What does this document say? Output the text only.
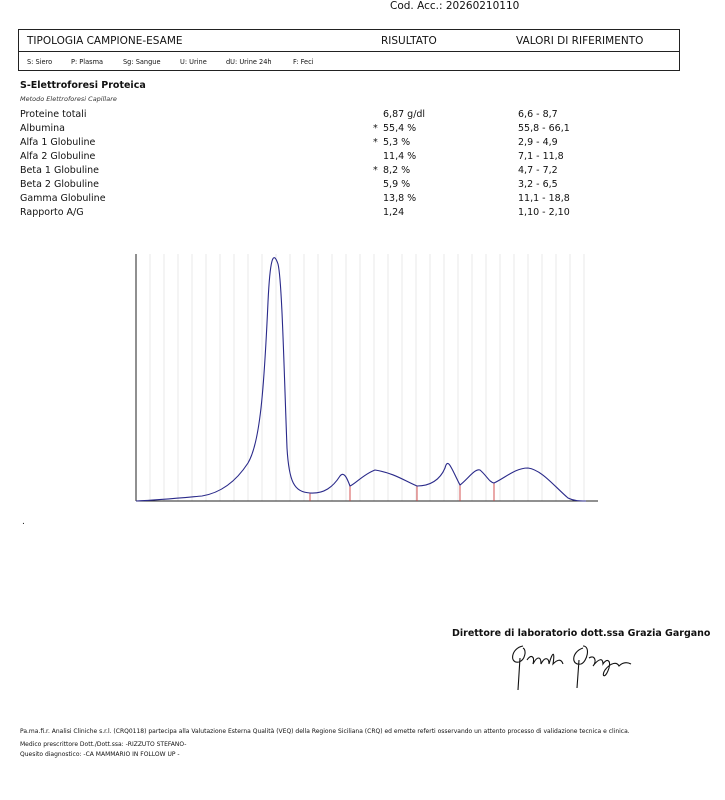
Cod. Acc.: 20260210110
TIPOLOGIA CAMPIONE-ESAME	RISULTATO	VALORI DI RIFERIMENTO
S: Siero	P: Plasma	Sg: Sangue	U: Urine	dU: Urine 24h	F: Feci
S-Elettroforesi Proteica
Metodo Elettroforesi Capillare
Proteine totali	6,87 g/dl	6,6 - 8,7
Albumina	* 55,4 %	55,8 - 66,1
Alfa 1 Globuline	* 5,3 %	2,9 - 4,9
Alfa 2 Globuline	11,4 %	7,1 - 11,8
Beta 1 Globuline	* 8,2 %	4,7 - 7,2
Beta 2 Globuline	5,9 %	3,2 - 6,5
Gamma Globuline	13,8 %	11,1 - 18,8
Rapporto A/G	1,24	1,10 - 2,10
.
Direttore di laboratorio dott.ssa Grazia Gargano
Pa.ma.fi.r. Analisi Cliniche s.r.l. (CRQ0118) partecipa alla Valutazione Esterna Qualità (VEQ) della Regione Siciliana (CRQ) ed emette referti osservando un attento processo di validazione tecnica e clinica.
Medico prescrittore Dott./Dott.ssa: -RIZZUTO STEFANO-
Quesito diagnostico: -CA MAMMARIO IN FOLLOW UP -
